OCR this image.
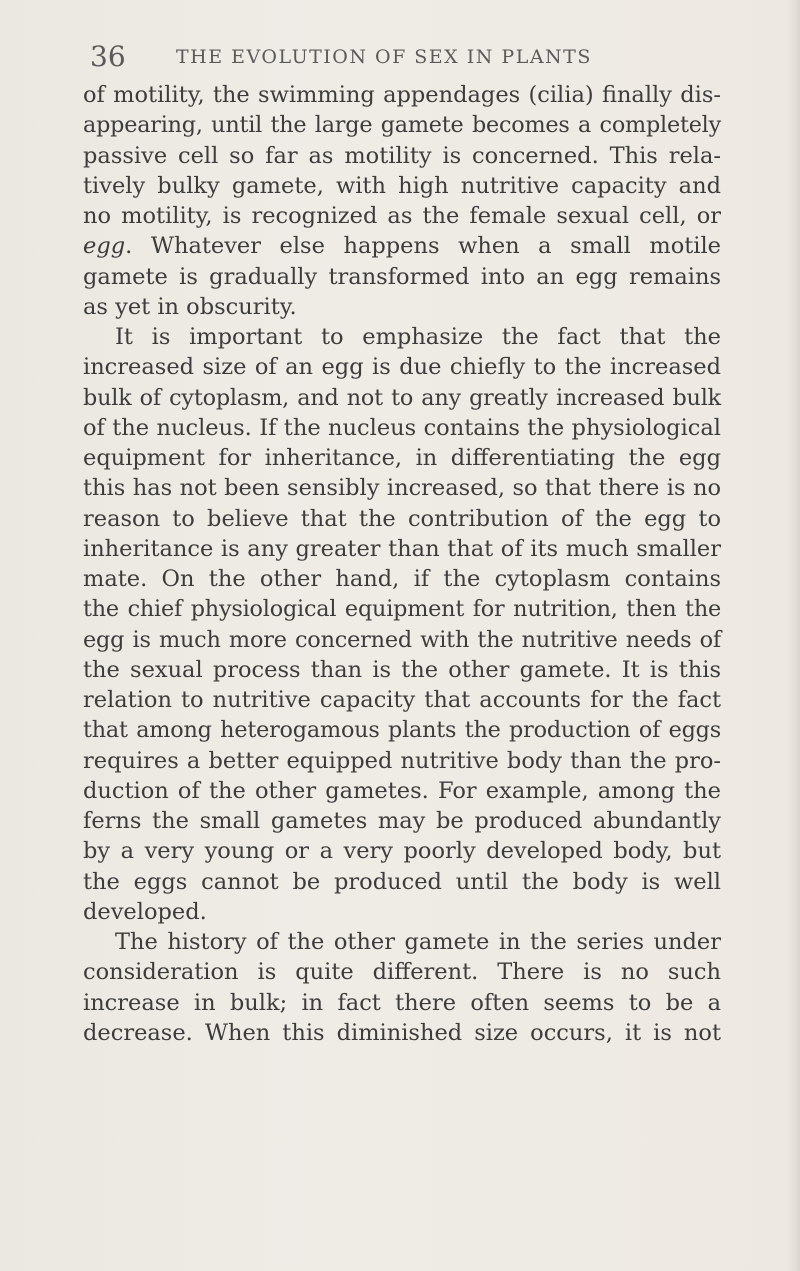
36	THE EVOLUTION OF SEX IN PLANTS

of motility, the swimming appendages (cilia) finally dis-
appearing, until the large gamete becomes a completely
passive cell so far as motility is concerned. This rela-
tively bulky gamete, with high nutritive capacity and
no motility, is recognized as the female sexual cell, or
egg. Whatever else happens when a small motile
gamete is gradually transformed into an egg remains
as yet in obscurity.

It is important to emphasize the fact that the
increased size of an egg is due chiefly to the increased
bulk of cytoplasm, and not to any greatly increased bulk
of the nucleus. If the nucleus contains the physiological
equipment for inheritance, in differentiating the egg
this has not been sensibly increased, so that there is no
reason to believe that the contribution of the egg to
inheritance is any greater than that of its much smaller
mate. On the other hand, if the cytoplasm contains
the chief physiological equipment for nutrition, then the
egg is much more concerned with the nutritive needs of
the sexual process than is the other gamete. It is this
relation to nutritive capacity that accounts for the fact
that among heterogamous plants the production of eggs
requires a better equipped nutritive body than the pro-
duction of the other gametes. For example, among the
ferns the small gametes may be produced abundantly
by a very young or a very poorly developed body, but
the eggs cannot be produced until the body is well
developed.

The history of the other gamete in the series under
consideration is quite different. There is no such
increase in bulk; in fact there often seems to be a
decrease. When this diminished size occurs, it is not
